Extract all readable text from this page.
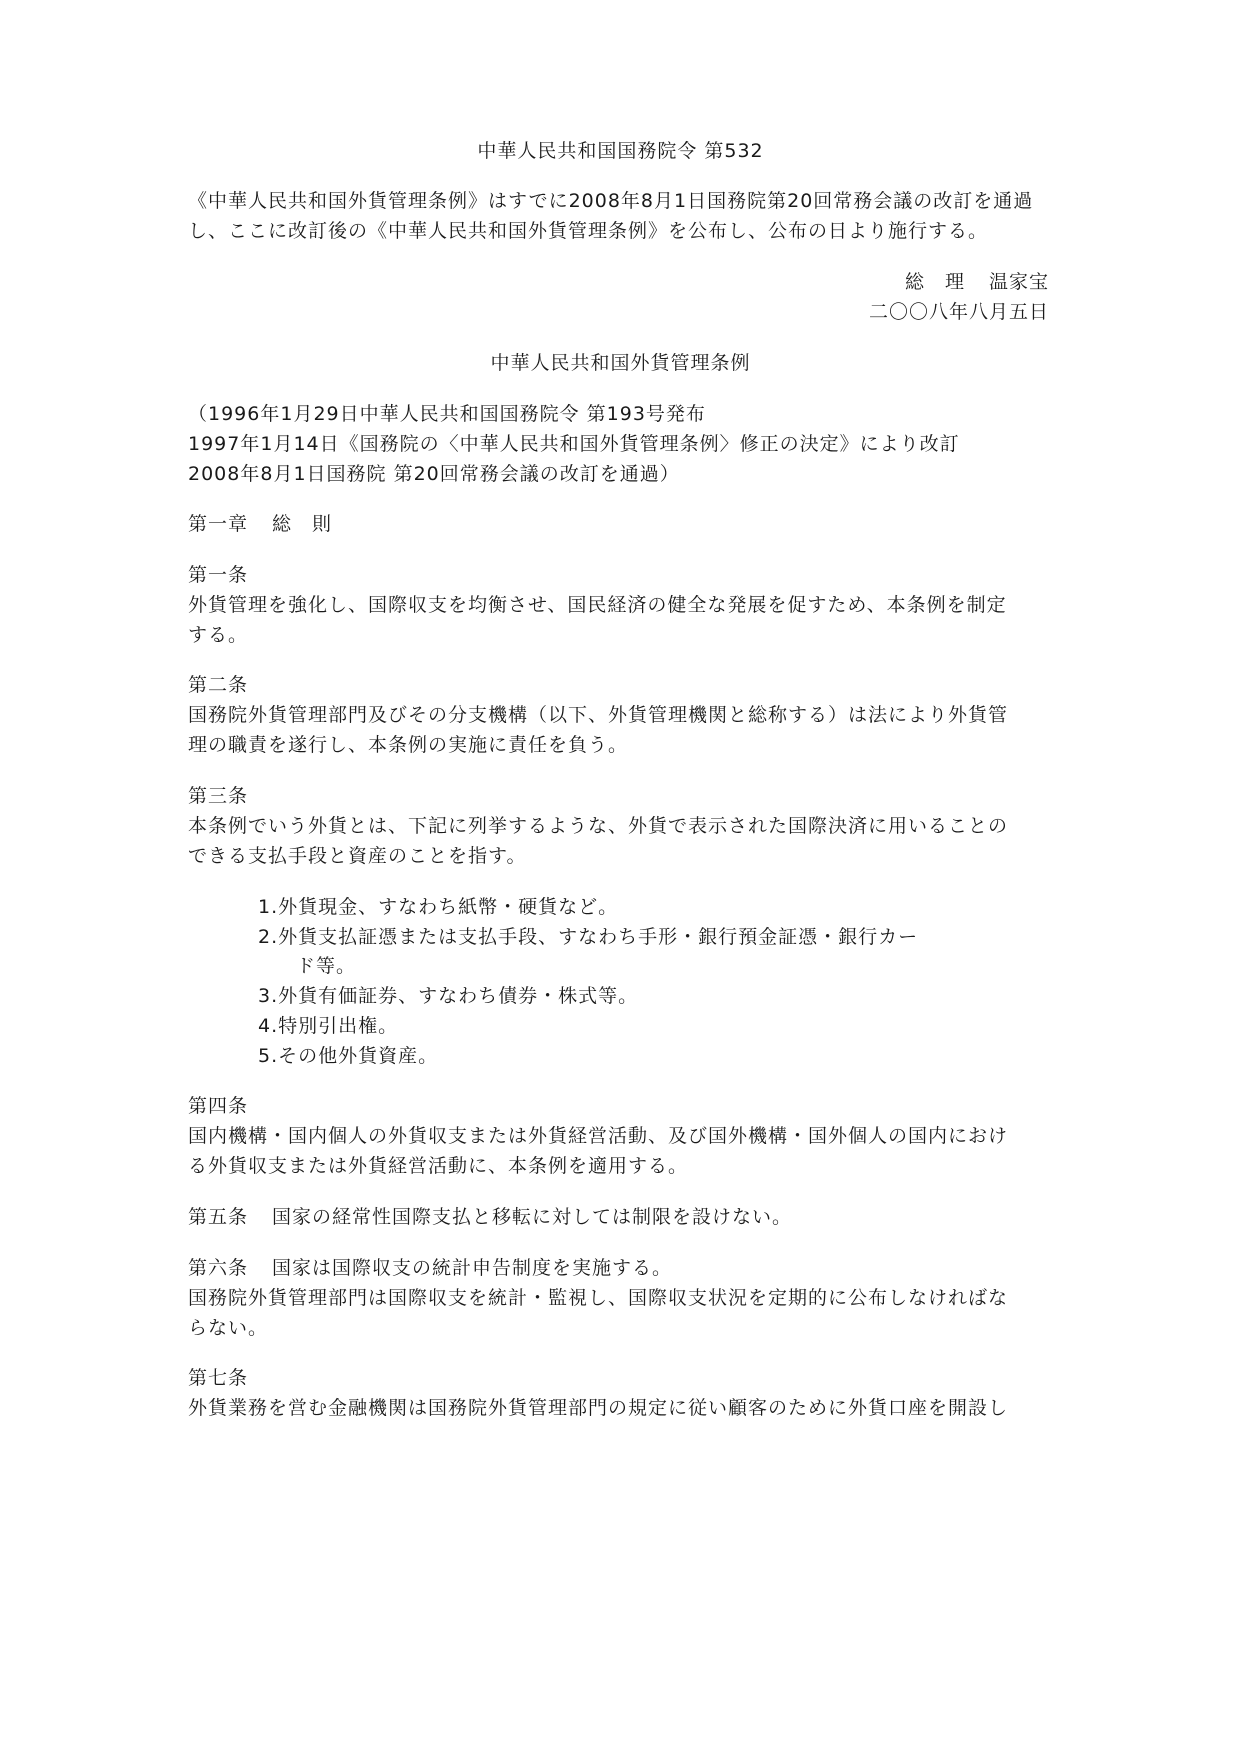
中華人民共和国国務院令 第532
《中華人民共和国外貨管理条例》はすでに2008年8月1日国務院第20回常務会議の改訂を通過
し、ここに改訂後の《中華人民共和国外貨管理条例》を公布し、公布の日より施行する。
総　理 温家宝
二〇〇八年八月五日
中華人民共和国外貨管理条例
（1996年1月29日中華人民共和国国務院令 第193号発布
1997年1月14日《国務院の〈中華人民共和国外貨管理条例〉修正の決定》により改訂
2008年8月1日国務院 第20回常務会議の改訂を通過）
第一章 総　則
第一条
外貨管理を強化し、国際収支を均衡させ、国民経済の健全な発展を促すため、本条例を制定
する。
第二条
国務院外貨管理部門及びその分支機構（以下、外貨管理機関と総称する）は法により外貨管
理の職責を遂行し、本条例の実施に責任を負う。
第三条
本条例でいう外貨とは、下記に列挙するような、外貨で表示された国際決済に用いることの
できる支払手段と資産のことを指す。
1.外貨現金、すなわち紙幣・硬貨など。
2.外貨支払証憑または支払手段、すなわち手形・銀行預金証憑・銀行カー
ド等。
3.外貨有価証券、すなわち債券・株式等。
4.特別引出権。
5.その他外貨資産。
第四条
国内機構・国内個人の外貨収支または外貨経営活動、及び国外機構・国外個人の国内におけ
る外貨収支または外貨経営活動に、本条例を適用する。
第五条 国家の経常性国際支払と移転に対しては制限を設けない。
第六条 国家は国際収支の統計申告制度を実施する。
国務院外貨管理部門は国際収支を統計・監視し、国際収支状況を定期的に公布しなければな
らない。
第七条
外貨業務を営む金融機関は国務院外貨管理部門の規定に従い顧客のために外貨口座を開設し
